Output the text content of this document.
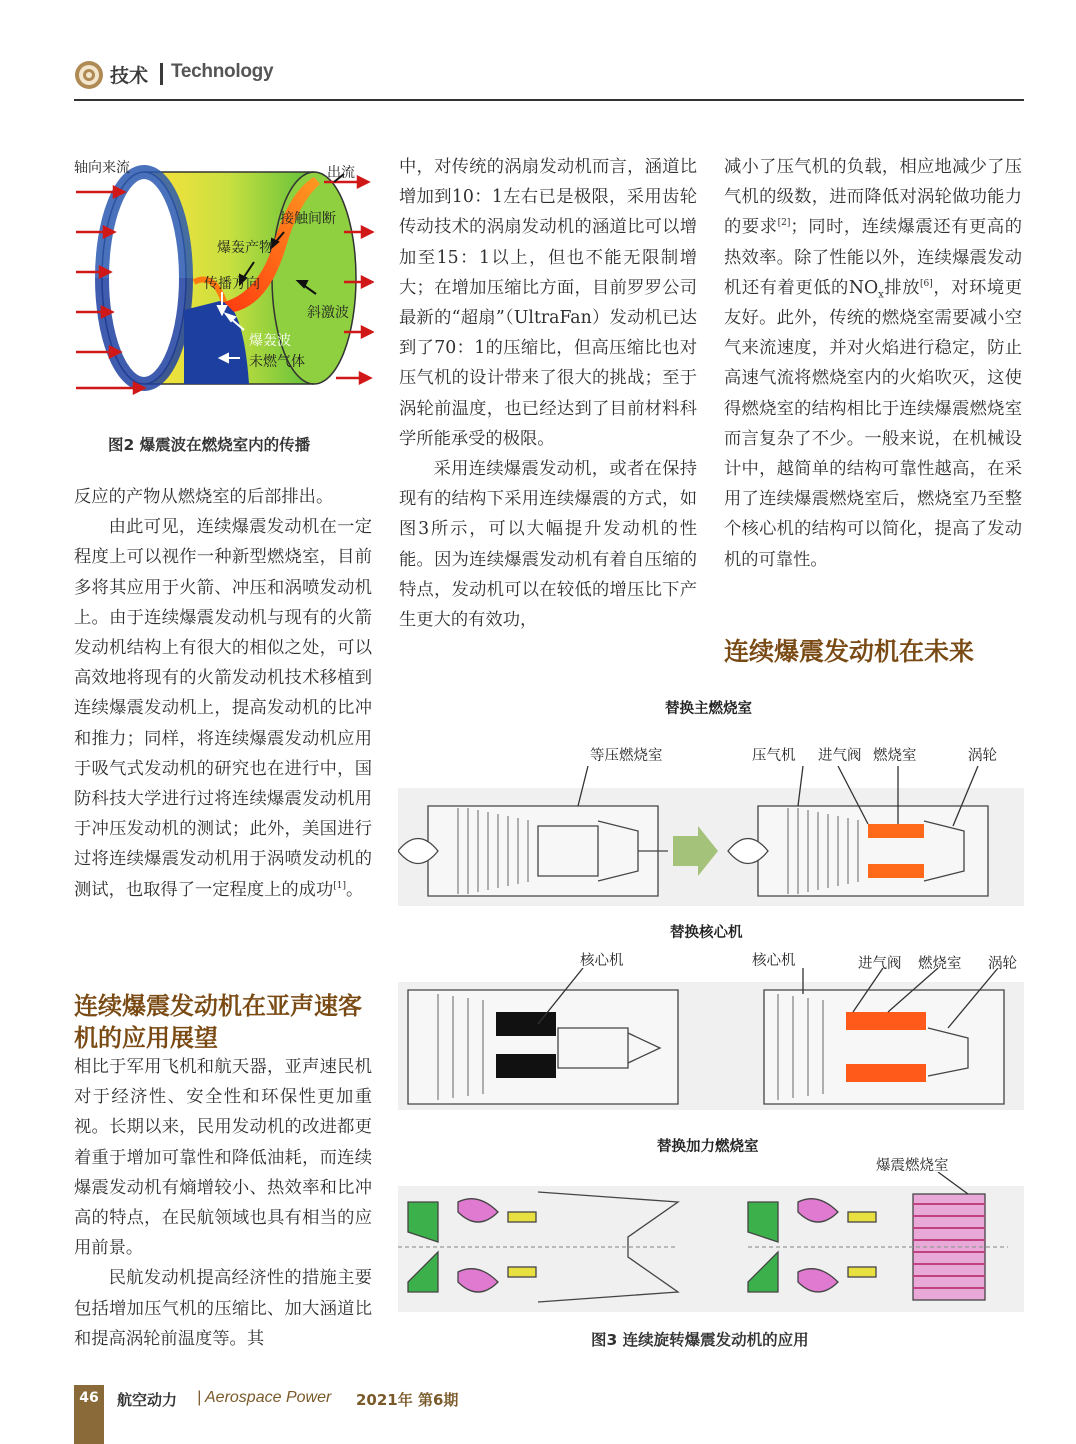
技术 Technology
轴向来流	出流
接触间断
爆轰产物
传播方向
斜激波
爆轰波
未燃气体
图2 爆震波在燃烧室内的传播

反应的产物从燃烧室的后部排出。

由此可见，连续爆震发动机在一定程度上可以视作一种新型燃烧室，目前多将其应用于火箭、冲压和涡喷发动机上。由于连续爆震发动机与现有的火箭发动机结构上有很大的相似之处，可以高效地将现有的火箭发动机技术移植到连续爆震发动机上，提高发动机的比冲和推力；同样，将连续爆震发动机应用于吸气式发动机的研究也在进行中，国防科技大学进行过将连续爆震发动机用于冲压发动机的测试；此外，美国进行过将连续爆震发动机用于涡喷发动机的测试，也取得了一定程度上的成功[1]。

连续爆震发动机在亚声速客机的应用展望

相比于军用飞机和航天器，亚声速民机对于经济性、安全性和环保性更加重视。长期以来，民用发动机的改进都更着重于增加可靠性和降低油耗，而连续爆震发动机有熵增较小、热效率和比冲高的特点，在民航领域也具有相当的应用前景。

民航发动机提高经济性的措施主要包括增加压气机的压缩比、加大涵道比和提高涡轮前温度等。其

中，对传统的涡扇发动机而言，涵道比增加到10：1左右已是极限，采用齿轮传动技术的涡扇发动机的涵道比可以增加至15：1以上，但也不能无限制增大；在增加压缩比方面，目前罗罗公司最新的“超扇”（UltraFan）发动机已达到了70：1的压缩比，但高压缩比也对压气机的设计带来了很大的挑战；至于涡轮前温度，也已经达到了目前材料科学所能承受的极限。

采用连续爆震发动机，或者在保持现有的结构下采用连续爆震的方式，如图3所示，可以大幅提升发动机的性能。因为连续爆震发动机有着自压缩的特点，发动机可以在较低的增压比下产生更大的有效功，

减小了压气机的负载，相应地减少了压气机的级数，进而降低对涡轮做功能力的要求[2]；同时，连续爆震还有更高的热效率。除了性能以外，连续爆震发动机还有着更低的$NO_x$排放[6]，对环境更友好。此外，传统的燃烧室需要减小空气来流速度，并对火焰进行稳定，防止高速气流将燃烧室内的火焰吹灭，这使得燃烧室的结构相比于连续爆震燃烧室而言复杂了不少。一般来说，在机械设计中，越简单的结构可靠性越高，在采用了连续爆震燃烧室后，燃烧室乃至整个核心机的结构可以简化，提高了发动机的可靠性。

连续爆震发动机在未来
替换主燃烧室
等压燃烧室	压气机 进气阀 燃烧室	涡轮
替换核心机
核心机	核心机	进气阀 燃烧室 涡轮
替换加力燃烧室
爆震燃烧室
图3 连续旋转爆震发动机的应用
46	航空动力 | Aerospace Power 2021年 第6期
